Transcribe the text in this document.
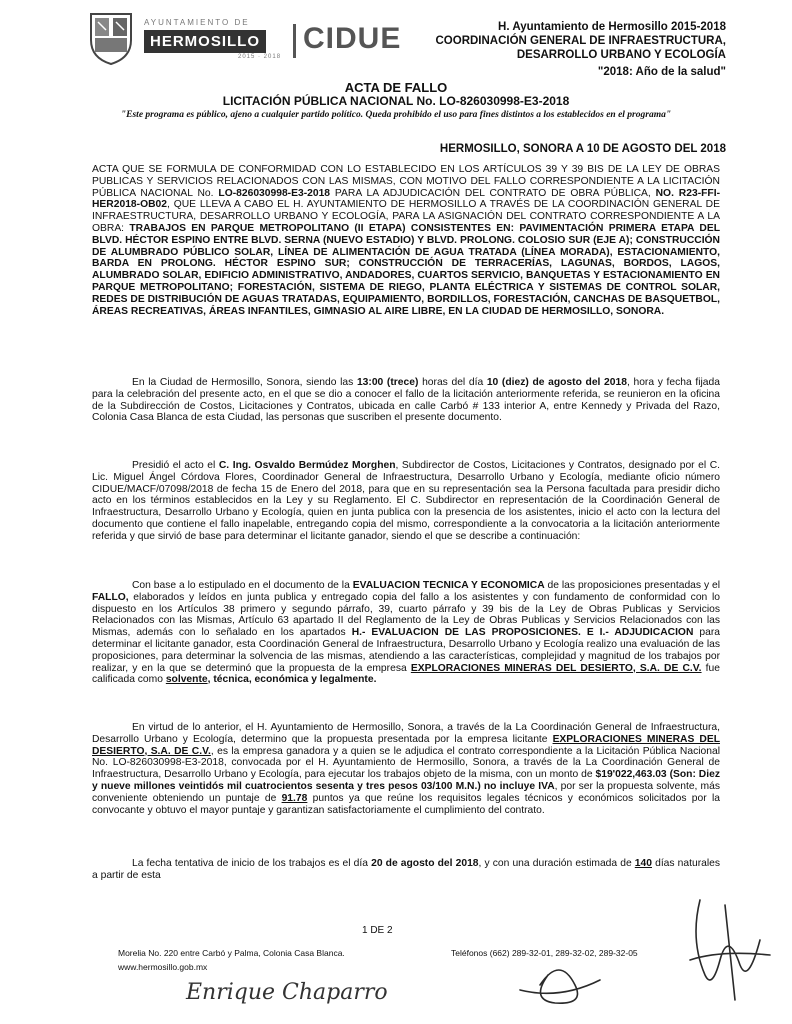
AYUNTAMIENTO DE
HERMOSILLO
2015 · 2018
CIDUE	H. Ayuntamiento de Hermosillo 2015-2018
COORDINACIÓN GENERAL DE INFRAESTRUCTURA,
DESARROLLO URBANO Y ECOLOGÍA
"2018: Año de la salud"
ACTA DE FALLO
LICITACIÓN PÚBLICA NACIONAL No. LO-826030998-E3-2018
"Este programa es público, ajeno a cualquier partido político. Queda prohibido el uso para fines distintos a los establecidos en el programa"
HERMOSILLO, SONORA A 10 DE AGOSTO DEL 2018
ACTA QUE SE FORMULA DE CONFORMIDAD CON LO ESTABLECIDO EN LOS ARTÍCULOS 39 Y 39 BIS DE LA LEY DE OBRAS PUBLICAS Y SERVICIOS RELACIONADOS CON LAS MISMAS, CON MOTIVO DEL FALLO CORRESPONDIENTE A LA LICITACIÓN PÚBLICA NACIONAL No. LO-826030998-E3-2018 PARA LA ADJUDICACIÓN DEL CONTRATO DE OBRA PÚBLICA, NO. R23-FFI-HER2018-OB02, QUE LLEVA A CABO EL H. AYUNTAMIENTO DE HERMOSILLO A TRAVÉS DE LA COORDINACIÓN GENERAL DE INFRAESTRUCTURA, DESARROLLO URBANO Y ECOLOGÍA, PARA LA ASIGNACIÓN DEL CONTRATO CORRESPONDIENTE A LA OBRA: TRABAJOS EN PARQUE METROPOLITANO (II ETAPA) CONSISTENTES EN: PAVIMENTACIÓN PRIMERA ETAPA DEL BLVD. HÉCTOR ESPINO ENTRE BLVD. SERNA (NUEVO ESTADIO) Y BLVD. PROLONG. COLOSIO SUR (EJE A); CONSTRUCCIÓN DE ALUMBRADO PÚBLICO SOLAR, LÍNEA DE ALIMENTACIÓN DE AGUA TRATADA (LÍNEA MORADA), ESTACIONAMIENTO, BARDA EN PROLONG. HÉCTOR ESPINO SUR; CONSTRUCCIÓN DE TERRACERÍAS, LAGUNAS, BORDOS, LAGOS, ALUMBRADO SOLAR, EDIFICIO ADMINISTRATIVO, ANDADORES, CUARTOS SERVICIO, BANQUETAS Y ESTACIONAMIENTO EN PARQUE METROPOLITANO; FORESTACIÓN, SISTEMA DE RIEGO, PLANTA ELÉCTRICA Y SISTEMAS DE CONTROL SOLAR, REDES DE DISTRIBUCIÓN DE AGUAS TRATADAS, EQUIPAMIENTO, BORDILLOS, FORESTACIÓN, CANCHAS DE BASQUETBOL, ÁREAS RECREATIVAS, ÁREAS INFANTILES, GIMNASIO AL AIRE LIBRE, EN LA CIUDAD DE HERMOSILLO, SONORA.
En la Ciudad de Hermosillo, Sonora, siendo las 13:00 (trece) horas del día 10 (diez) de agosto del 2018, hora y fecha fijada para la celebración del presente acto, en el que se dio a conocer el fallo de la licitación anteriormente referida, se reunieron en la oficina de la Subdirección de Costos, Licitaciones y Contratos, ubicada en calle Carbó # 133 interior A, entre Kennedy y Privada del Razo, Colonia Casa Blanca de esta Ciudad, las personas que suscriben el presente documento.
Presidió el acto el C. Ing. Osvaldo Bermúdez Morghen, Subdirector de Costos, Licitaciones y Contratos, designado por el C. Lic. Miguel Ángel Córdova Flores, Coordinador General de Infraestructura, Desarrollo Urbano y Ecología, mediante oficio número CIDUE/MACF/07098/2018 de fecha 15 de Enero del 2018, para que en su representación sea la Persona facultada para presidir dicho acto en los términos establecidos en la Ley y su Reglamento. El C. Subdirector en representación de la Coordinación General de Infraestructura, Desarrollo Urbano y Ecología, quien en junta publica con la presencia de los asistentes, inicio el acto con la lectura del documento que contiene el fallo inapelable, entregando copia del mismo, correspondiente a la convocatoria a la licitación anteriormente referida y que sirvió de base para determinar el licitante ganador, siendo el que se describe a continuación:
Con base a lo estipulado en el documento de la EVALUACION TECNICA Y ECONOMICA de las proposiciones presentadas y el FALLO, elaborados y leídos en junta publica y entregado copia del fallo a los asistentes y con fundamento de conformidad con lo dispuesto en los Artículos 38 primero y segundo párrafo, 39, cuarto párrafo y 39 bis de la Ley de Obras Publicas y Servicios Relacionados con las Mismas, Artículo 63 apartado II del Reglamento de la Ley de Obras Publicas y Servicios Relacionados con las Mismas, además con lo señalado en los apartados H.- EVALUACION DE LAS PROPOSICIONES. E I.- ADJUDICACION para determinar el licitante ganador, esta Coordinación General de Infraestructura, Desarrollo Urbano y Ecología realizo una evaluación de las proposiciones, para determinar la solvencia de las mismas, atendiendo a las características, complejidad y magnitud de los trabajos por realizar, y en la que se determinó que la propuesta de la empresa EXPLORACIONES MINERAS DEL DESIERTO, S.A. DE C.V. fue calificada como solvente, técnica, económica y legalmente.
En virtud de lo anterior, el H. Ayuntamiento de Hermosillo, Sonora, a través de la La Coordinación General de Infraestructura, Desarrollo Urbano y Ecología, determino que la propuesta presentada por la empresa licitante EXPLORACIONES MINERAS DEL DESIERTO, S.A. DE C.V., es la empresa ganadora y a quien se le adjudica el contrato correspondiente a la Licitación Pública Nacional No. LO-826030998-E3-2018, convocada por el H. Ayuntamiento de Hermosillo, Sonora, a través de la La Coordinación General de Infraestructura, Desarrollo Urbano y Ecología, para ejecutar los trabajos objeto de la misma, con un monto de $19'022,463.03 (Son: Diez y nueve millones veintidós mil cuatrocientos sesenta y tres pesos 03/100 M.N.) no incluye IVA, por ser la propuesta solvente, más conveniente obteniendo un puntaje de 91.78 puntos ya que reúne los requisitos legales técnicos y económicos solicitados por la convocante y obtuvo el mayor puntaje y garantizan satisfactoriamente el cumplimiento del contrato.
La fecha tentativa de inicio de los trabajos es el día 20 de agosto del 2018, y con una duración estimada de 140 días naturales a partir de esta
1 DE 2
Morelia No. 220 entre Carbó y Palma, Colonia Casa Blanca.
www.hermosillo.gob.mx
Teléfonos (662) 289-32-01, 289-32-02, 289-32-05
Enrique Chaparro
